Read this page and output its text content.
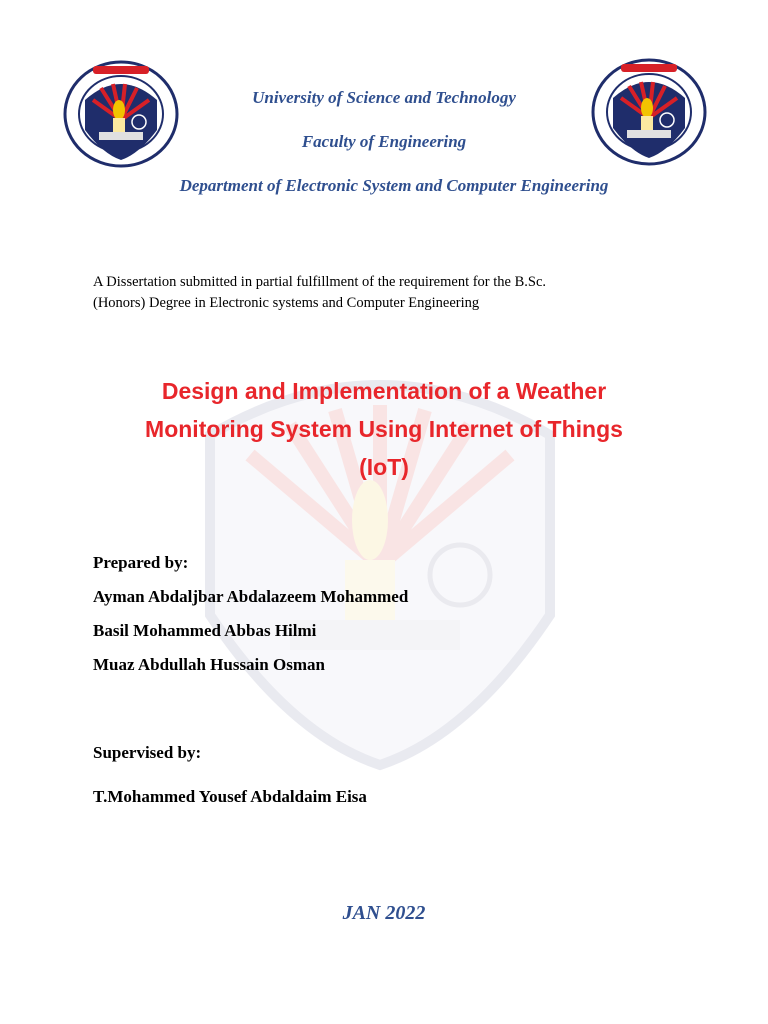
University of Science and Technology
Faculty of Engineering
Department of Electronic System and Computer Engineering
A Dissertation submitted in partial fulfillment of the requirement for the B.Sc.
(Honors) Degree in Electronic systems and Computer Engineering
Design and Implementation of a Weather
Monitoring System Using Internet of Things
(IoT)
Prepared by:
Ayman Abdaljbar Abdalazeem Mohammed
Basil Mohammed Abbas Hilmi
Muaz Abdullah Hussain Osman
Supervised by:
T.Mohammed Yousef Abdaldaim Eisa
JAN 2022
